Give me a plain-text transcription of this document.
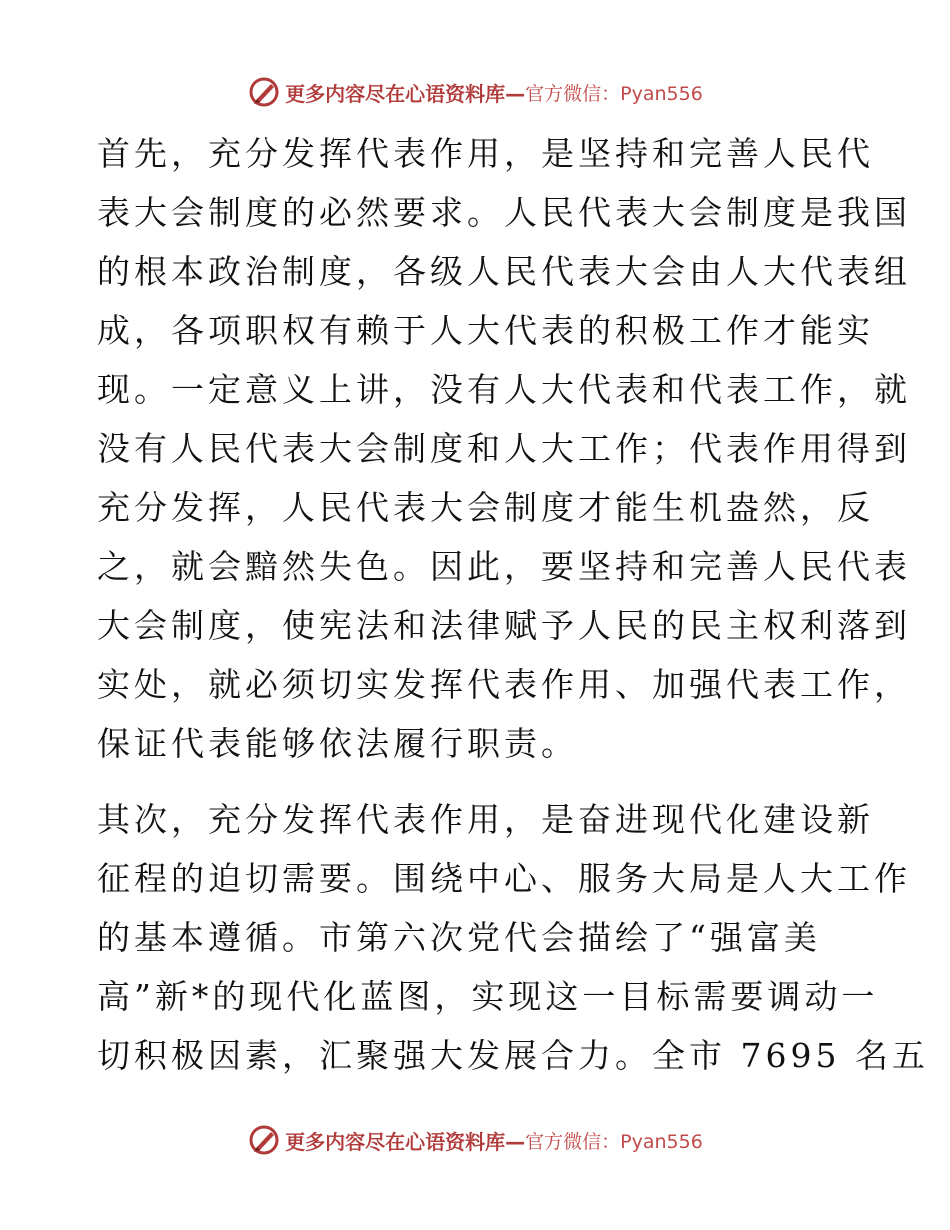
更多内容尽在心语资料库— 官方微信：Pyan556

首先，充分发挥代表作用，是坚持和完善人民代
表大会制度的必然要求。人民代表大会制度是我国
的根本政治制度，各级人民代表大会由人大代表组
成，各项职权有赖于人大代表的积极工作才能实
现。一定意义上讲，没有人大代表和代表工作，就
没有人民代表大会制度和人大工作；代表作用得到
充分发挥，人民代表大会制度才能生机盎然，反
之，就会黯然失色。因此，要坚持和完善人民代表
大会制度，使宪法和法律赋予人民的民主权利落到
实处，就必须切实发挥代表作用、加强代表工作，
保证代表能够依法履行职责。

其次，充分发挥代表作用，是奋进现代化建设新
征程的迫切需要。围绕中心、服务大局是人大工作
的基本遵循。市第六次党代会描绘了“强富美
高”新*的现代化蓝图，实现这一目标需要调动一
切积极因素，汇聚强大发展合力。全市 7695 名五

更多内容尽在心语资料库— 官方微信：Pyan556
